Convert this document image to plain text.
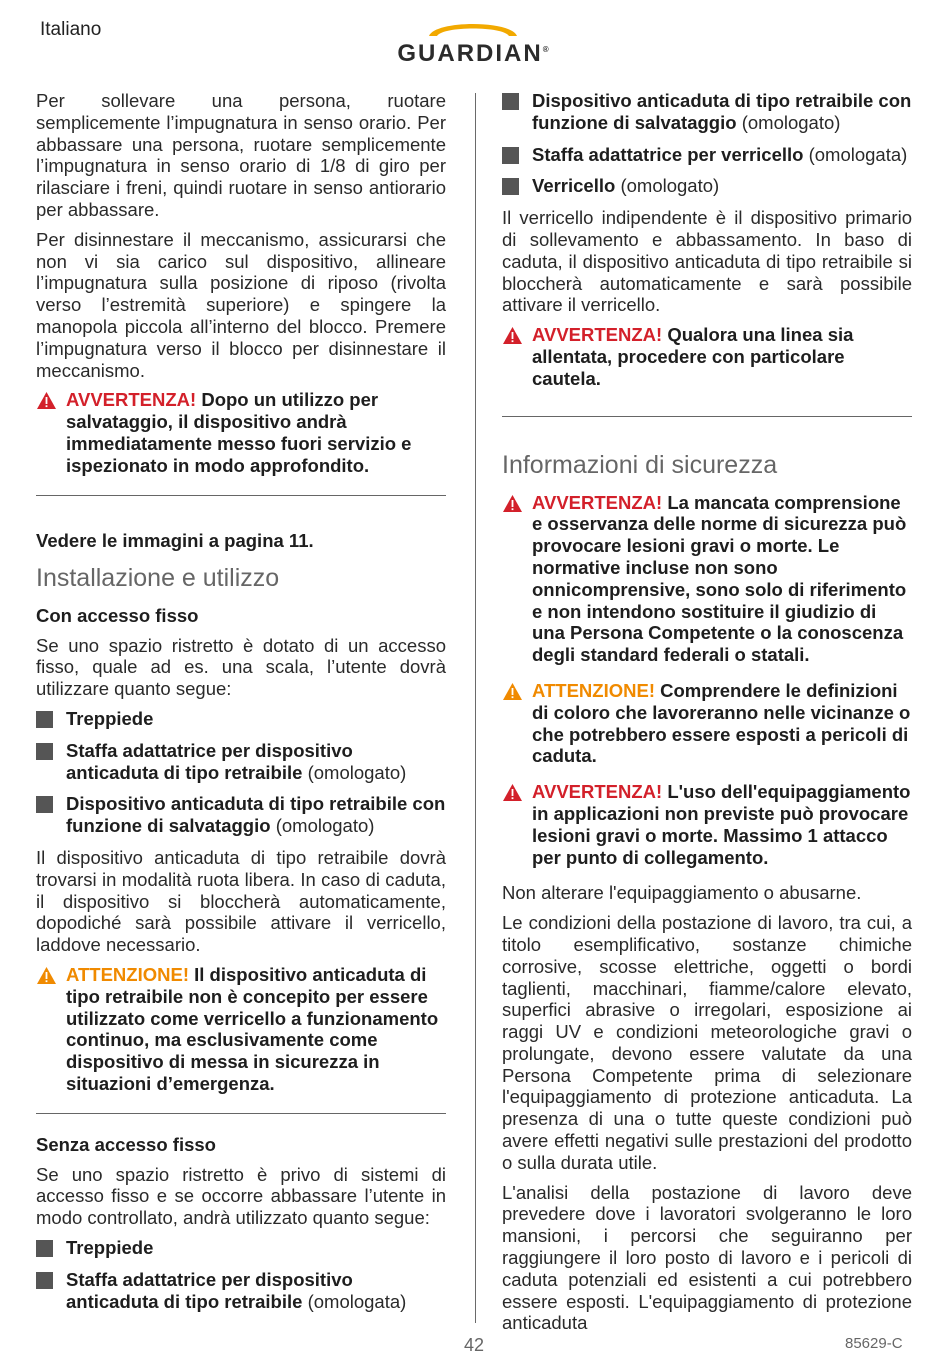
Italiano
GUARDIAN®

Per sollevare una persona, ruotare semplicemente l’impugnatura in senso orario. Per abbassare una persona, ruotare semplicemente l’impugnatura in senso orario di 1/8 di giro per rilasciare i freni, quindi ruotare in senso antiorario per abbassare.

Per disinnestare il meccanismo, assicurarsi che non vi sia carico sul dispositivo, allineare l’impugnatura sulla posizione di riposo (rivolta verso l’estremità superiore) e spingere la manopola piccola all’interno del blocco. Premere l’impugnatura verso il blocco per disinnestare il meccanismo.

AVVERTENZA! Dopo un utilizzo per salvataggio, il dispositivo andrà immediatamente messo fuori servizio e ispezionato in modo approfondito.
Vedere le immagini a pagina 11.
Installazione e utilizzo
Con accesso fisso

Se uno spazio ristretto è dotato di un accesso fisso, quale ad es. una scala, l’utente dovrà utilizzare quanto segue:

Treppiede
Staffa adattatrice per dispositivo anticaduta di tipo retraibile (omologato)
Dispositivo anticaduta di tipo retraibile con funzione di salvataggio (omologato)

Il dispositivo anticaduta di tipo retraibile dovrà trovarsi in modalità ruota libera. In caso di caduta, il dispositivo si bloccherà automaticamente, dopodiché sarà possibile attivare il verricello, laddove necessario.

ATTENZIONE! Il dispositivo anticaduta di tipo retraibile non è concepito per essere utilizzato come verricello a funzionamento continuo, ma esclusivamente come dispositivo di messa in sicurezza in situazioni d’emergenza.
Senza accesso fisso

Se uno spazio ristretto è privo di sistemi di accesso fisso e se occorre abbassare l’utente in modo controllato, andrà utilizzato quanto segue:

Treppiede
Staffa adattatrice per dispositivo anticaduta di tipo retraibile (omologata)
Dispositivo anticaduta di tipo retraibile con funzione di salvataggio (omologato)
Staffa adattatrice per verricello (omologata)
Verricello (omologato)

Il verricello indipendente è il dispositivo primario di sollevamento e abbassamento. In baso di caduta, il dispositivo anticaduta di tipo retraibile si bloccherà automaticamente e sarà possibile attivare il verricello.

AVVERTENZA! Qualora una linea sia allentata, procedere con particolare cautela.
Informazioni di sicurezza
AVVERTENZA! La mancata comprensione e osservanza delle norme di sicurezza può provocare lesioni gravi o morte. Le normative incluse non sono onnicomprensive, sono solo di riferimento e non intendono sostituire il giudizio di una Persona Competente o la conoscenza degli standard federali o statali.
ATTENZIONE! Comprendere le definizioni di coloro che lavoreranno nelle vicinanze o che potrebbero essere esposti a pericoli di caduta.
AVVERTENZA! L'uso dell'equipaggiamento in applicazioni non previste può provocare lesioni gravi o morte. Massimo 1 attacco per punto di collegamento.

Non alterare l'equipaggiamento o abusarne.

Le condizioni della postazione di lavoro, tra cui, a titolo esemplificativo, sostanze chimiche corrosive, scosse elettriche, oggetti o bordi taglienti, macchinari, fiamme/calore elevato, superfici abrasive o irregolari, esposizione ai raggi UV e condizioni meteorologiche gravi o prolungate, devono essere valutate da una Persona Competente prima di selezionare l'equipaggiamento di protezione anticaduta. La presenza di una o tutte queste condizioni può avere effetti negativi sulle prestazioni del prodotto o sulla durata utile.

L'analisi della postazione di lavoro deve prevedere dove i lavoratori svolgeranno le loro mansioni, i percorsi che seguiranno per raggiungere il loro posto di lavoro e i pericoli di caduta potenziali ed esistenti a cui potrebbero essere esposti. L'equipaggiamento di protezione anticaduta

42	85629-C
